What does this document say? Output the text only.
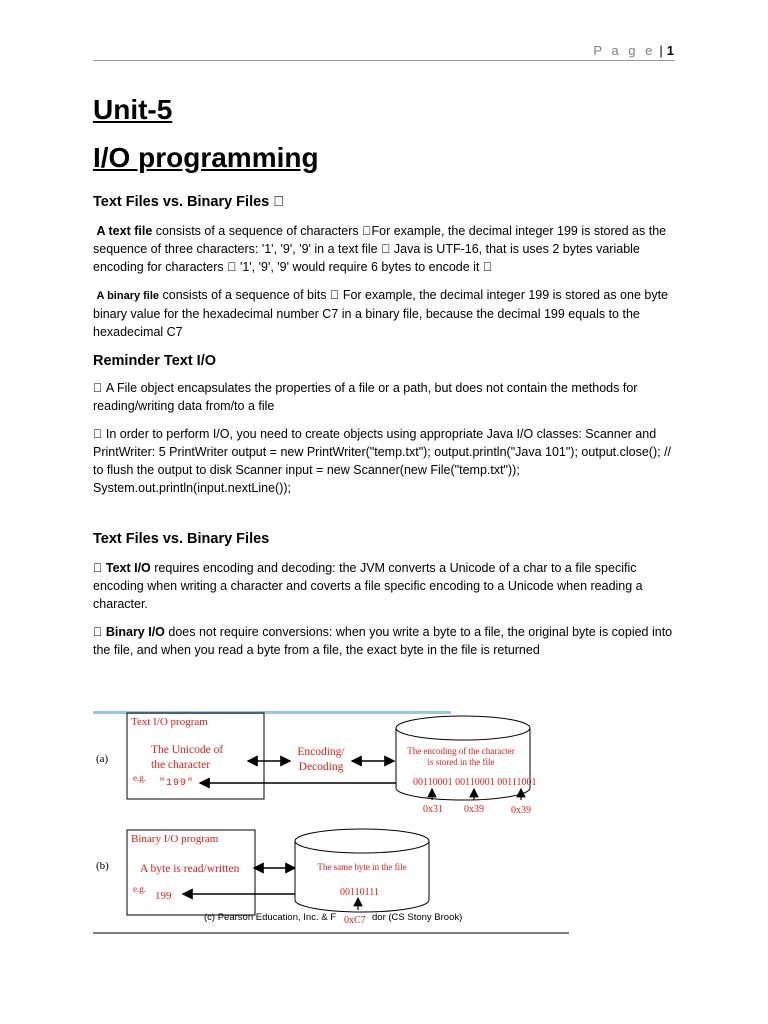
P a g e | 1
Unit-5
I/O programming
Text Files vs. Binary Files

A text file consists of a sequence of characters For example, the decimal integer 199 is stored as the sequence of three characters: '1', '9', '9' in a text file Java is UTF-16, that is uses 2 bytes variable encoding for characters '1', '9', '9' would require 6 bytes to encode it

A binary file consists of a sequence of bits For example, the decimal integer 199 is stored as one byte binary value for the hexadecimal number C7 in a binary file, because the decimal 199 equals to the hexadecimal C7

Reminder Text I/O

A File object encapsulates the properties of a file or a path, but does not contain the methods for reading/writing data from/to a file

In order to perform I/O, you need to create objects using appropriate Java I/O classes: Scanner and PrintWriter: 5 PrintWriter output = new PrintWriter("temp.txt"); output.println("Java 101"); output.close(); // to flush the output to disk Scanner input = new Scanner(new File("temp.txt")); System.out.println(input.nextLine());

Text Files vs. Binary Files

Text I/O requires encoding and decoding: the JVM converts a Unicode of a char to a file specific encoding when writing a character and coverts a file specific encoding to a Unicode when reading a character.

Binary I/O does not require conversions: when you write a byte to a file, the original byte is copied into the file, and when you read a byte from a file, the exact byte in the file is returned

(a)
Text I/O program
The Unicode of
the character
e.g. "199"
Encoding/
Decoding
The encoding of the character
is stored in the file
00110001 00110001 00111001
0x31 0x39	0x39
(b)
Binary I/O program
A byte is read/written
e.g.
199
The same byte in the file
00110111
(c) Pearson Education, Inc. & F	dor (CS Stony Brook)
0xC7
